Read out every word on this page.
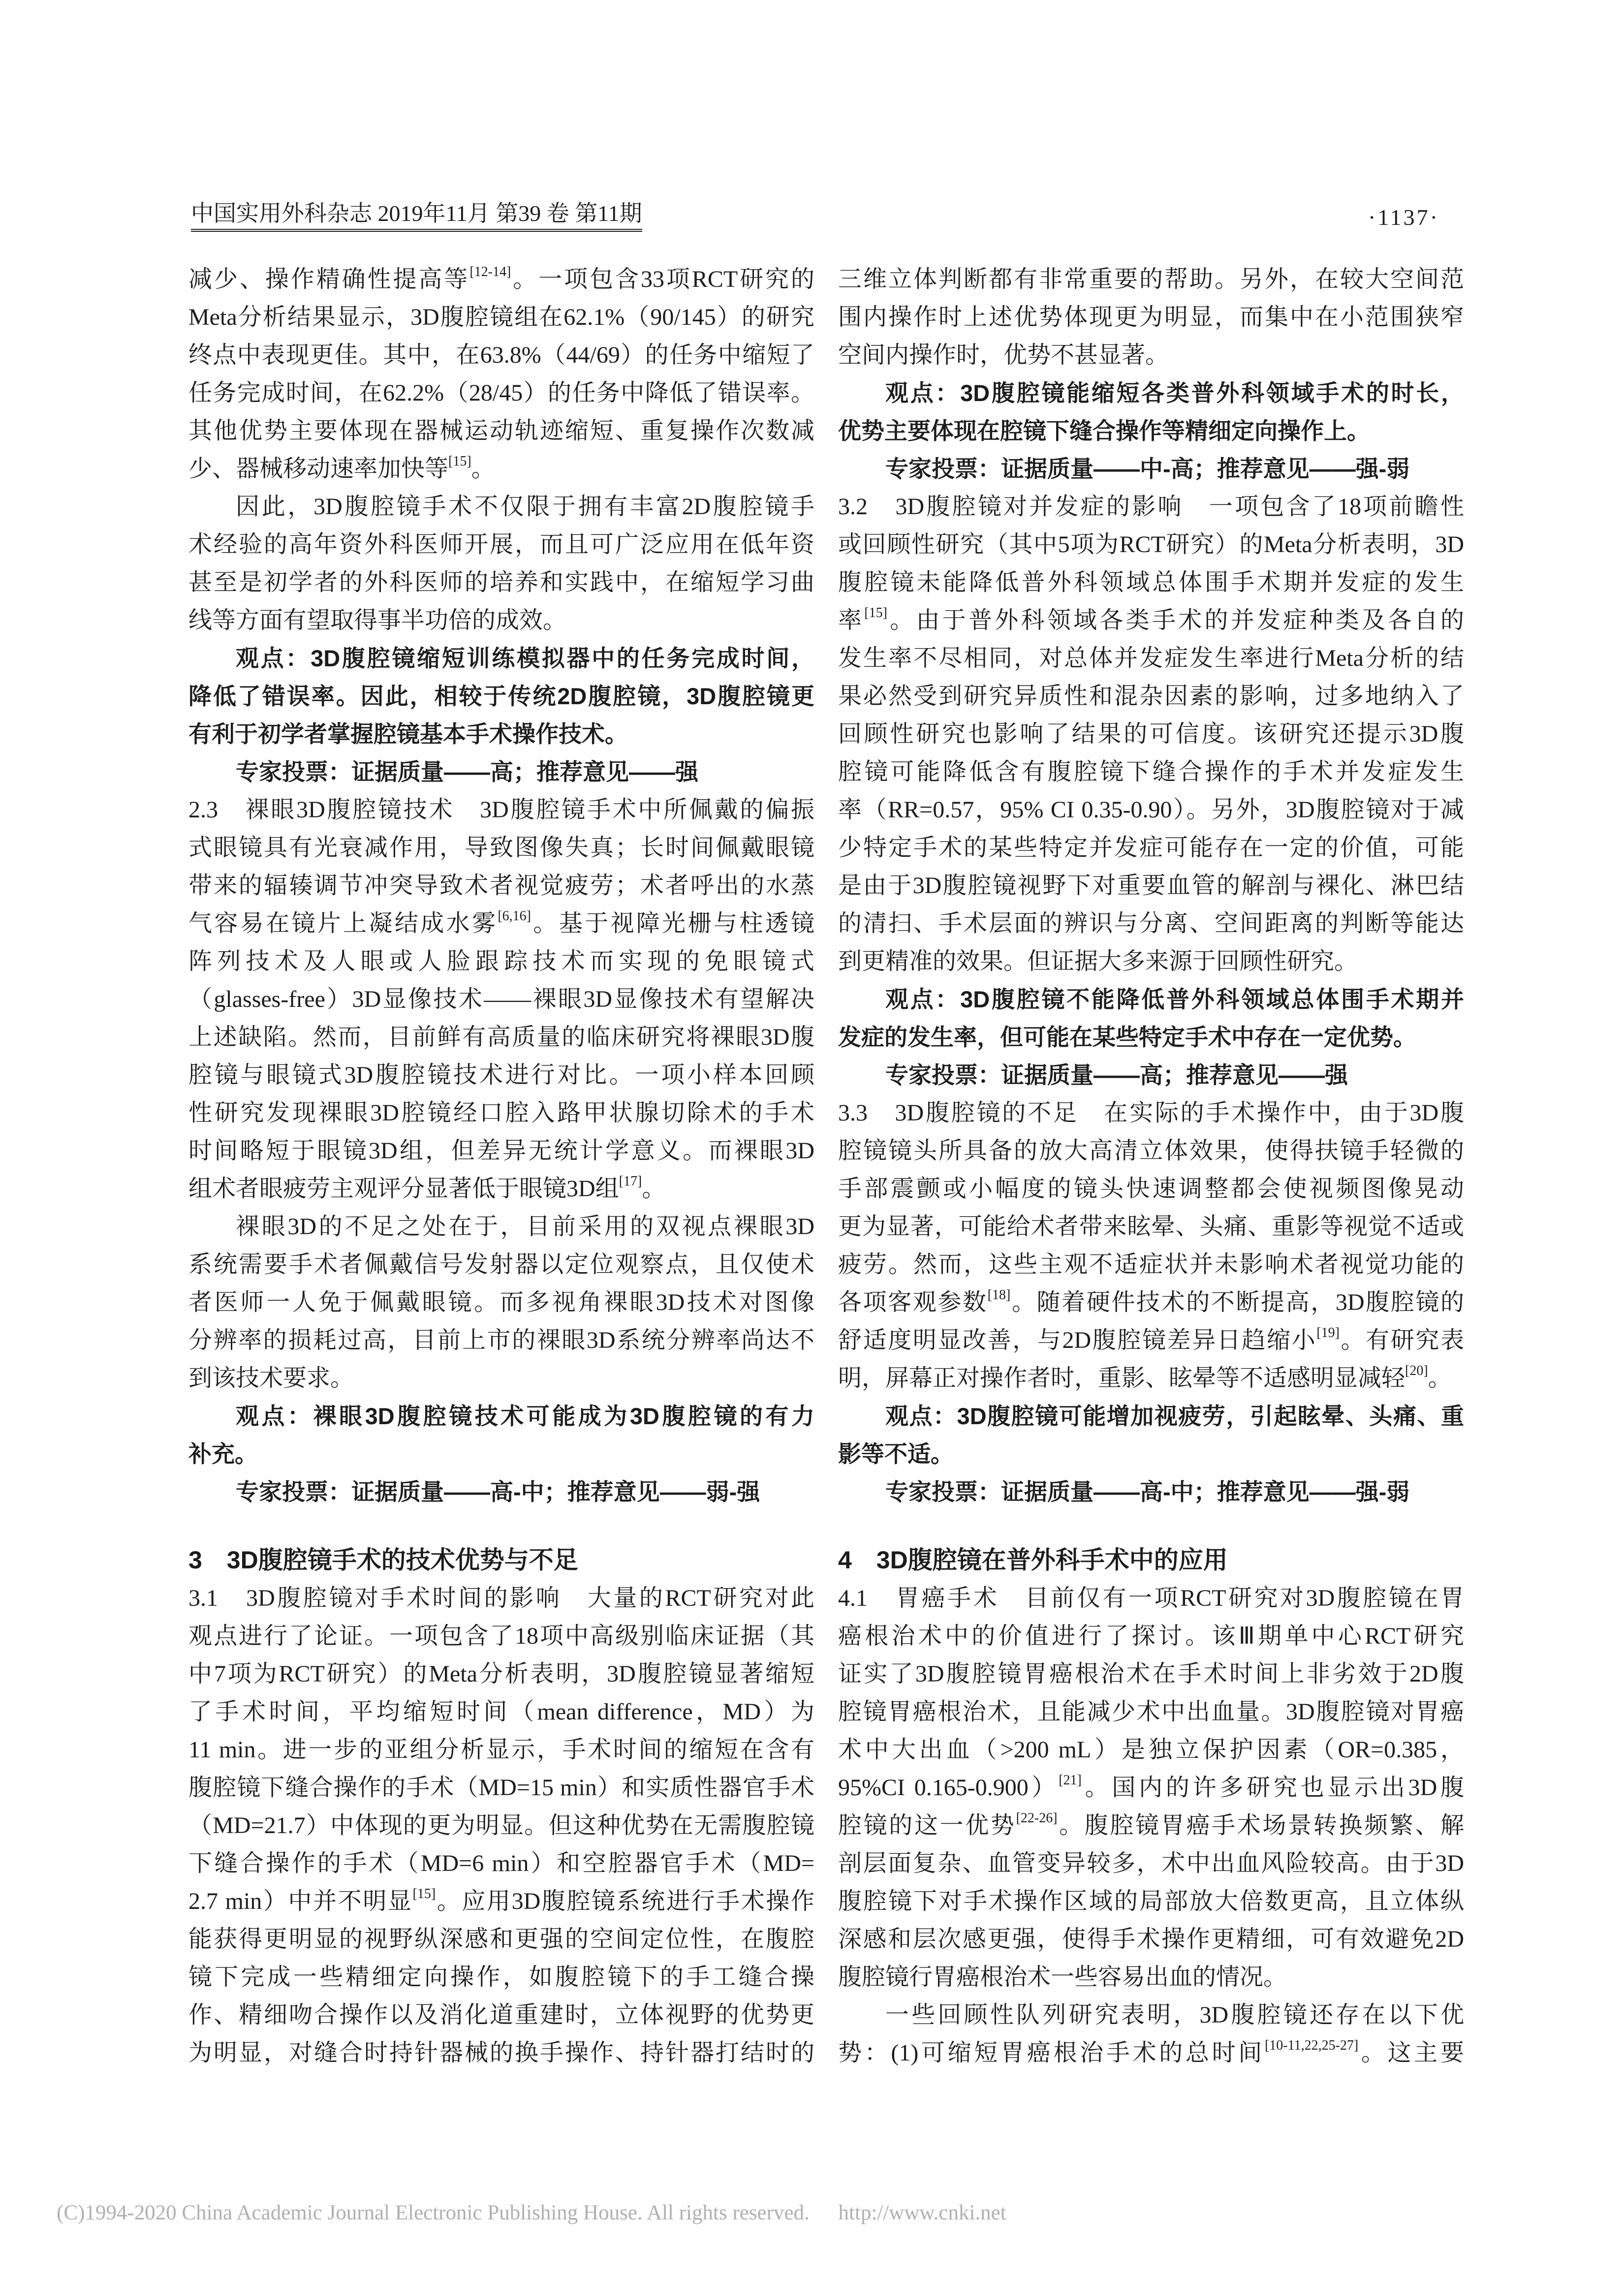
中国实用外科杂志 2019年11月 第39 卷 第11期	·1137·
减少、操作精确性提高等[12-14]。一项包含33项RCT研究的
Meta分析结果显示，3D腹腔镜组在62.1%（90/145）的研究
终点中表现更佳。其中，在63.8%（44/69）的任务中缩短了
任务完成时间，在62.2%（28/45）的任务中降低了错误率。
其他优势主要体现在器械运动轨迹缩短、重复操作次数减
少、器械移动速率加快等[15]。
因此，3D腹腔镜手术不仅限于拥有丰富2D腹腔镜手
术经验的高年资外科医师开展，而且可广泛应用在低年资
甚至是初学者的外科医师的培养和实践中，在缩短学习曲
线等方面有望取得事半功倍的成效。
观点：3D腹腔镜缩短训练模拟器中的任务完成时间，
降低了错误率。因此，相较于传统2D腹腔镜，3D腹腔镜更
有利于初学者掌握腔镜基本手术操作技术。
专家投票：证据质量——高；推荐意见——强
2.3　裸眼3D腹腔镜技术　3D腹腔镜手术中所佩戴的偏振
式眼镜具有光衰减作用，导致图像失真；长时间佩戴眼镜
带来的辐辏调节冲突导致术者视觉疲劳；术者呼出的水蒸
气容易在镜片上凝结成水雾[6,16]。基于视障光栅与柱透镜
阵列技术及人眼或人脸跟踪技术而实现的免眼镜式
（glasses-free）3D显像技术——裸眼3D显像技术有望解决
上述缺陷。然而，目前鲜有高质量的临床研究将裸眼3D腹
腔镜与眼镜式3D腹腔镜技术进行对比。一项小样本回顾
性研究发现裸眼3D腔镜经口腔入路甲状腺切除术的手术
时间略短于眼镜3D组，但差异无统计学意义。而裸眼3D
组术者眼疲劳主观评分显著低于眼镜3D组[17]。
裸眼3D的不足之处在于，目前采用的双视点裸眼3D
系统需要手术者佩戴信号发射器以定位观察点，且仅使术
者医师一人免于佩戴眼镜。而多视角裸眼3D技术对图像
分辨率的损耗过高，目前上市的裸眼3D系统分辨率尚达不
到该技术要求。
观点：裸眼3D腹腔镜技术可能成为3D腹腔镜的有力
补充。
专家投票：证据质量——高-中；推荐意见——弱-强
3　3D腹腔镜手术的技术优势与不足
3.1　3D腹腔镜对手术时间的影响　大量的RCT研究对此
观点进行了论证。一项包含了18项中高级别临床证据（其
中7项为RCT研究）的Meta分析表明，3D腹腔镜显著缩短
了手术时间，平均缩短时间（mean difference，MD）为
11 min。进一步的亚组分析显示，手术时间的缩短在含有
腹腔镜下缝合操作的手术（MD=15 min）和实质性器官手术
（MD=21.7）中体现的更为明显。但这种优势在无需腹腔镜
下缝合操作的手术（MD=6 min）和空腔器官手术（MD=
2.7 min）中并不明显[15]。应用3D腹腔镜系统进行手术操作
能获得更明显的视野纵深感和更强的空间定位性，在腹腔
镜下完成一些精细定向操作，如腹腔镜下的手工缝合操
作、精细吻合操作以及消化道重建时，立体视野的优势更
为明显，对缝合时持针器械的换手操作、持针器打结时的
三维立体判断都有非常重要的帮助。另外，在较大空间范
围内操作时上述优势体现更为明显，而集中在小范围狭窄
空间内操作时，优势不甚显著。
观点：3D腹腔镜能缩短各类普外科领域手术的时长，
优势主要体现在腔镜下缝合操作等精细定向操作上。
专家投票：证据质量——中-高；推荐意见——强-弱
3.2　3D腹腔镜对并发症的影响　一项包含了18项前瞻性
或回顾性研究（其中5项为RCT研究）的Meta分析表明，3D
腹腔镜未能降低普外科领域总体围手术期并发症的发生
率[15]。由于普外科领域各类手术的并发症种类及各自的
发生率不尽相同，对总体并发症发生率进行Meta分析的结
果必然受到研究异质性和混杂因素的影响，过多地纳入了
回顾性研究也影响了结果的可信度。该研究还提示3D腹
腔镜可能降低含有腹腔镜下缝合操作的手术并发症发生
率（RR=0.57，95% CI 0.35-0.90）。另外，3D腹腔镜对于减
少特定手术的某些特定并发症可能存在一定的价值，可能
是由于3D腹腔镜视野下对重要血管的解剖与裸化、淋巴结
的清扫、手术层面的辨识与分离、空间距离的判断等能达
到更精准的效果。但证据大多来源于回顾性研究。
观点：3D腹腔镜不能降低普外科领域总体围手术期并
发症的发生率，但可能在某些特定手术中存在一定优势。
专家投票：证据质量——高；推荐意见——强
3.3　3D腹腔镜的不足　在实际的手术操作中，由于3D腹
腔镜镜头所具备的放大高清立体效果，使得扶镜手轻微的
手部震颤或小幅度的镜头快速调整都会使视频图像晃动
更为显著，可能给术者带来眩晕、头痛、重影等视觉不适或
疲劳。然而，这些主观不适症状并未影响术者视觉功能的
各项客观参数[18]。随着硬件技术的不断提高，3D腹腔镜的
舒适度明显改善，与2D腹腔镜差异日趋缩小[19]。有研究表
明，屏幕正对操作者时，重影、眩晕等不适感明显减轻[20]。
观点：3D腹腔镜可能增加视疲劳，引起眩晕、头痛、重
影等不适。
专家投票：证据质量——高-中；推荐意见——强-弱
4　3D腹腔镜在普外科手术中的应用
4.1　胃癌手术　目前仅有一项RCT研究对3D腹腔镜在胃
癌根治术中的价值进行了探讨。该Ⅲ期单中心RCT研究
证实了3D腹腔镜胃癌根治术在手术时间上非劣效于2D腹
腔镜胃癌根治术，且能减少术中出血量。3D腹腔镜对胃癌
术中大出血（>200 mL）是独立保护因素（OR=0.385，
95%CI 0.165-0.900）[21]。国内的许多研究也显示出3D腹
腔镜的这一优势[22-26]。腹腔镜胃癌手术场景转换频繁、解
剖层面复杂、血管变异较多，术中出血风险较高。由于3D
腹腔镜下对手术操作区域的局部放大倍数更高，且立体纵
深感和层次感更强，使得手术操作更精细，可有效避免2D
腹腔镜行胃癌根治术一些容易出血的情况。
一些回顾性队列研究表明，3D腹腔镜还存在以下优
势：(1)可缩短胃癌根治手术的总时间[10-11,22,25-27]。这主要
(C)1994-2020 China Academic Journal Electronic Publishing House. All rights reserved. http://www.cnki.net
